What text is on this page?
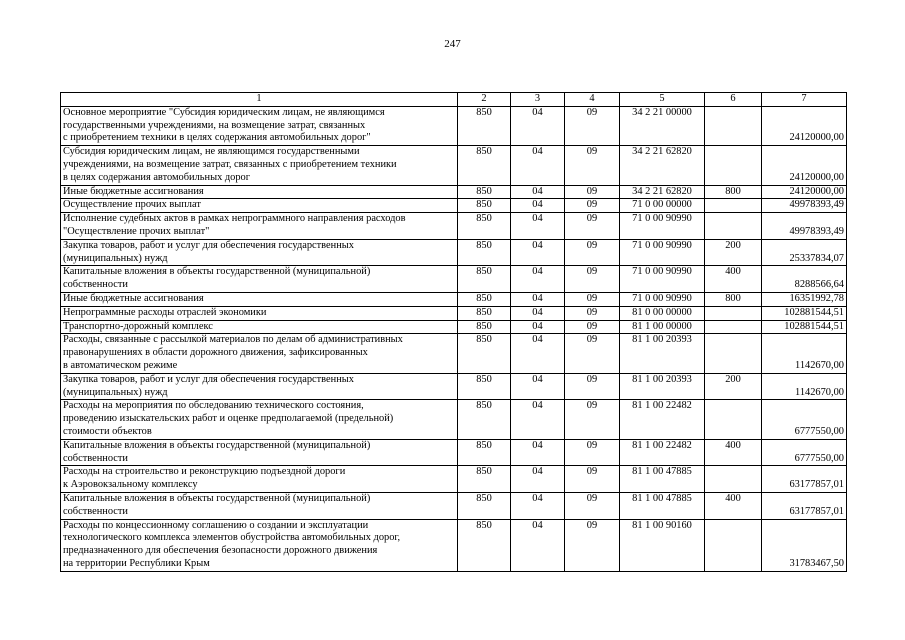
247
1	2	3	4	5	6	7
Основное мероприятие "Субсидия юридическим лицам, не являющимся
государственными учреждениями, на возмещение затрат, связанных
с приобретением техники в целях содержания автомобильных дорог"	850	04	09	34 2 21 00000		24120000,00
Субсидия юридическим лицам, не являющимся государственными
учреждениями, на возмещение затрат, связанных с приобретением техники
в целях содержания автомобильных дорог	850	04	09	34 2 21 62820		24120000,00
Иные бюджетные ассигнования	850	04	09	34 2 21 62820	800	24120000,00
Осуществление прочих выплат	850	04	09	71 0 00 00000		49978393,49
Исполнение судебных актов в рамках непрограммного направления расходов
"Осуществление прочих выплат"	850	04	09	71 0 00 90990		49978393,49
Закупка товаров, работ и услуг для обеспечения государственных
(муниципальных) нужд	850	04	09	71 0 00 90990	200	25337834,07
Капитальные вложения в объекты государственной (муниципальной)
собственности	850	04	09	71 0 00 90990	400	8288566,64
Иные бюджетные ассигнования	850	04	09	71 0 00 90990	800	16351992,78
Непрограммные расходы отраслей экономики	850	04	09	81 0 00 00000		102881544,51
Транспортно-дорожный комплекс	850	04	09	81 1 00 00000		102881544,51
Расходы, связанные с рассылкой материалов по делам об административных
правонарушениях в области дорожного движения, зафиксированных
в автоматическом режиме	850	04	09	81 1 00 20393		1142670,00
Закупка товаров, работ и услуг для обеспечения государственных
(муниципальных) нужд	850	04	09	81 1 00 20393	200	1142670,00
Расходы на мероприятия по обследованию технического состояния,
проведению изыскательских работ и оценке предполагаемой (предельной)
стоимости объектов	850	04	09	81 1 00 22482		6777550,00
Капитальные вложения в объекты государственной (муниципальной)
собственности	850	04	09	81 1 00 22482	400	6777550,00
Расходы на строительство и реконструкцию подъездной дороги
к Аэровокзальному комплексу	850	04	09	81 1 00 47885		63177857,01
Капитальные вложения в объекты государственной (муниципальной)
собственности	850	04	09	81 1 00 47885	400	63177857,01
Расходы по концессионному соглашению о создании и эксплуатации
технологического комплекса элементов обустройства автомобильных дорог,
предназначенного для обеспечения безопасности дорожного движения
на территории Республики Крым	850	04	09	81 1 00 90160		31783467,50
